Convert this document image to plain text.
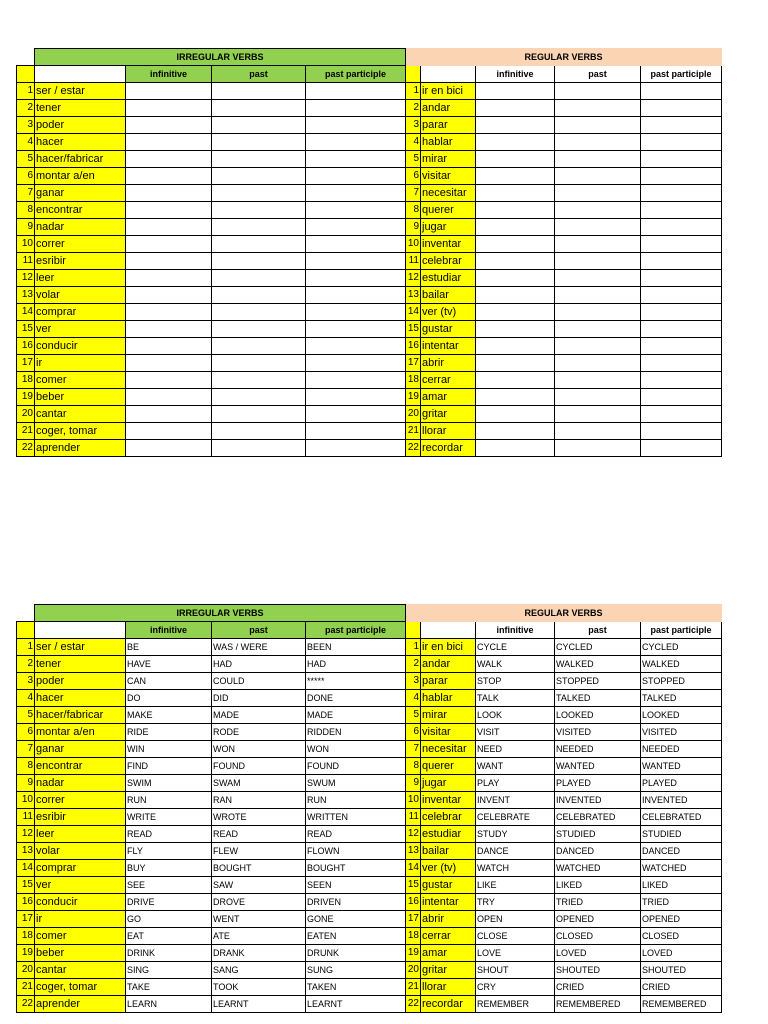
	IRREGULAR VERBS				REGULAR VERBS				
		infinitive	past	past participle			infinitive	past	past participle
1	ser / estar				1	ir en bici			
2	tener				2	andar			
3	poder				3	parar			
4	hacer				4	hablar			
5	hacer/fabricar				5	mirar			
6	montar a/en				6	visitar			
7	ganar				7	necesitar			
8	encontrar				8	querer			
9	nadar				9	jugar			
10	correr				10	inventar			
11	esribir				11	celebrar			
12	leer				12	estudiar			
13	volar				13	bailar			
14	comprar				14	ver (tv)			
15	ver				15	gustar			
16	conducir				16	intentar			
17	ir				17	abrir			
18	comer				18	cerrar			
19	beber				19	amar			
20	cantar				20	gritar			
21	coger, tomar				21	llorar			
22	aprender				22	recordar			
	IRREGULAR VERBS				REGULAR VERBS				
		infinitive	past	past participle			infinitive	past	past participle
1	ser / estar	BE	WAS / WERE	BEEN	1	ir en bici	CYCLE	CYCLED	CYCLED
2	tener	HAVE	HAD	HAD	2	andar	WALK	WALKED	WALKED
3	poder	CAN	COULD	*****	3	parar	STOP	STOPPED	STOPPED
4	hacer	DO	DID	DONE	4	hablar	TALK	TALKED	TALKED
5	hacer/fabricar	MAKE	MADE	MADE	5	mirar	LOOK	LOOKED	LOOKED
6	montar a/en	RIDE	RODE	RIDDEN	6	visitar	VISIT	VISITED	VISITED
7	ganar	WIN	WON	WON	7	necesitar	NEED	NEEDED	NEEDED
8	encontrar	FIND	FOUND	FOUND	8	querer	WANT	WANTED	WANTED
9	nadar	SWIM	SWAM	SWUM	9	jugar	PLAY	PLAYED	PLAYED
10	correr	RUN	RAN	RUN	10	inventar	INVENT	INVENTED	INVENTED
11	esribir	WRITE	WROTE	WRITTEN	11	celebrar	CELEBRATE	CELEBRATED	CELEBRATED
12	leer	READ	READ	READ	12	estudiar	STUDY	STUDIED	STUDIED
13	volar	FLY	FLEW	FLOWN	13	bailar	DANCE	DANCED	DANCED
14	comprar	BUY	BOUGHT	BOUGHT	14	ver (tv)	WATCH	WATCHED	WATCHED
15	ver	SEE	SAW	SEEN	15	gustar	LIKE	LIKED	LIKED
16	conducir	DRIVE	DROVE	DRIVEN	16	intentar	TRY	TRIED	TRIED
17	ir	GO	WENT	GONE	17	abrir	OPEN	OPENED	OPENED
18	comer	EAT	ATE	EATEN	18	cerrar	CLOSE	CLOSED	CLOSED
19	beber	DRINK	DRANK	DRUNK	19	amar	LOVE	LOVED	LOVED
20	cantar	SING	SANG	SUNG	20	gritar	SHOUT	SHOUTED	SHOUTED
21	coger, tomar	TAKE	TOOK	TAKEN	21	llorar	CRY	CRIED	CRIED
22	aprender	LEARN	LEARNT	LEARNT	22	recordar	REMEMBER	REMEMBERED	REMEMBERED
